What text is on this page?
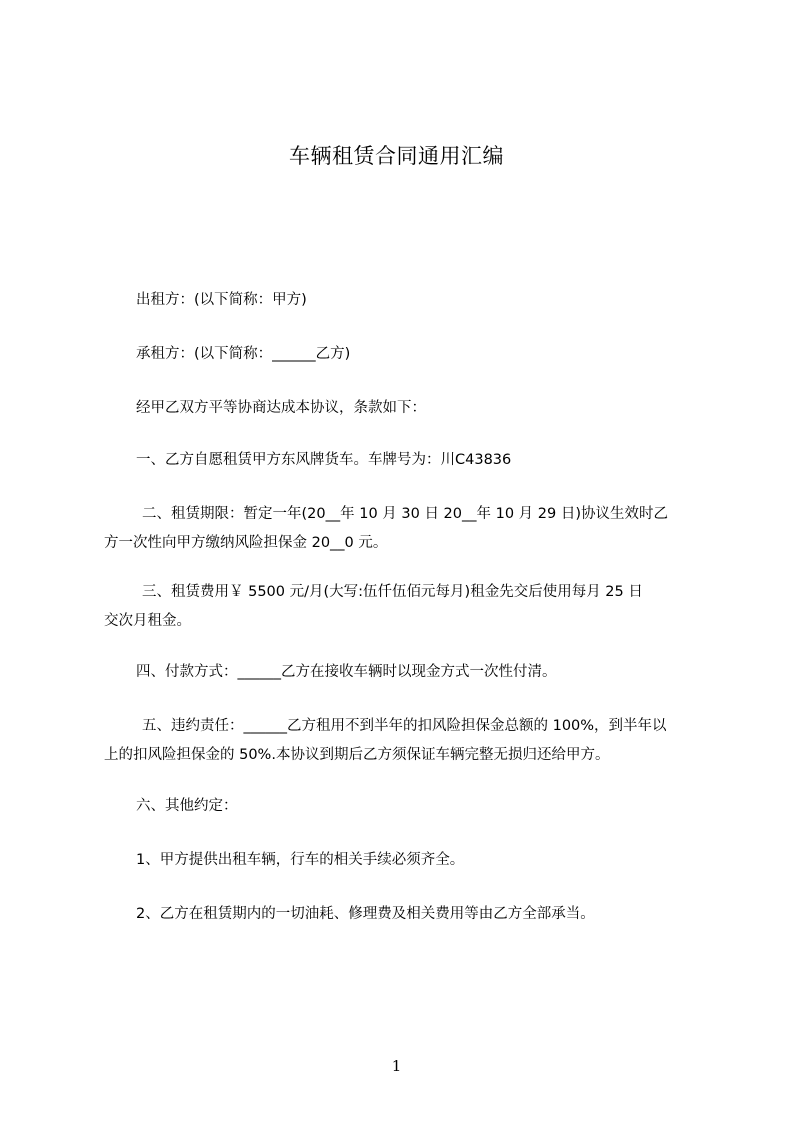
车辆租赁合同通用汇编
出租方：(以下简称：甲方)
承租方：(以下简称：______乙方)
经甲乙双方平等协商达成本协议，条款如下：
一、乙方自愿租赁甲方东风牌货车。车牌号为：川C43836
二、租赁期限：暂定一年(20__年 10 月 30 日 20__年 10 月 29 日)协议生效时乙
方一次性向甲方缴纳风险担保金 20__0 元。
三、租赁费用￥ 5500 元/月(大写:伍仟伍佰元每月)租金先交后使用每月 25 日
交次月租金。
四、付款方式：______乙方在接收车辆时以现金方式一次性付清。
五、违约责任：______乙方租用不到半年的扣风险担保金总额的 100%，到半年以
上的扣风险担保金的 50%.本协议到期后乙方须保证车辆完整无损归还给甲方。
六、其他约定：
1、甲方提供出租车辆，行车的相关手续必须齐全。
2、乙方在租赁期内的一切油耗、修理费及相关费用等由乙方全部承当。
1
